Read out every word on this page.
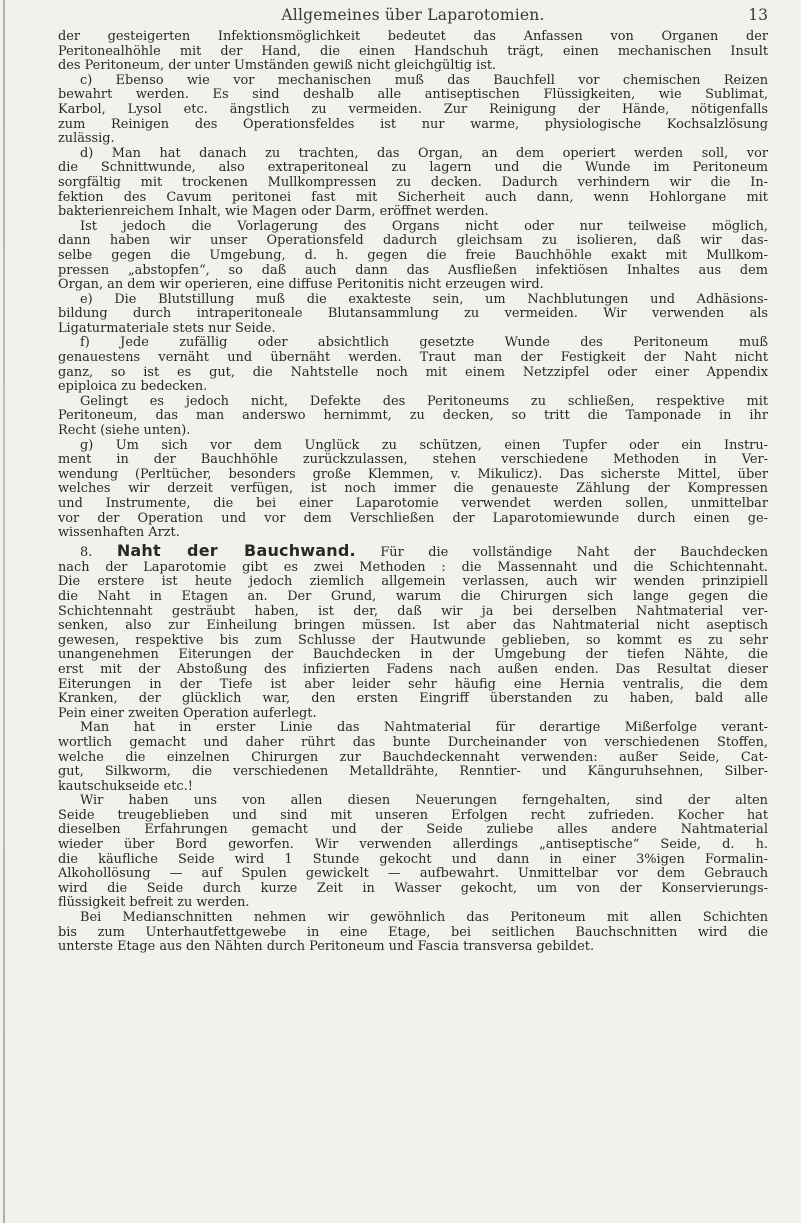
Allgemeines über Laparotomien.	13
der gesteigerten Infektionsmöglichkeit bedeutet das Anfassen von Organen der
Peritonealhöhle mit der Hand, die einen Handschuh trägt, einen mechanischen Insult
des Peritoneum, der unter Umständen gewiß nicht gleichgültig ist.
c) Ebenso wie vor mechanischen muß das Bauchfell vor chemischen Reizen
bewahrt werden. Es sind deshalb alle antiseptischen Flüssigkeiten, wie Sublimat,
Karbol, Lysol etc. ängstlich zu vermeiden. Zur Reinigung der Hände, nötigenfalls
zum Reinigen des Operationsfeldes ist nur warme, physiologische Kochsalzlösung
zulässig.
d) Man hat danach zu trachten, das Organ, an dem operiert werden soll, vor
die Schnittwunde, also extraperitoneal zu lagern und die Wunde im Peritoneum
sorgfältig mit trockenen Mullkompressen zu decken. Dadurch verhindern wir die In-
fektion des Cavum peritonei fast mit Sicherheit auch dann, wenn Hohlorgane mit
bakterienreichem Inhalt, wie Magen oder Darm, eröffnet werden.
Ist jedoch die Vorlagerung des Organs nicht oder nur teilweise möglich,
dann haben wir unser Operationsfeld dadurch gleichsam zu isolieren, daß wir das-
selbe gegen die Umgebung, d. h. gegen die freie Bauchhöhle exakt mit Mullkom-
pressen „abstopfen“, so daß auch dann das Ausfließen infektiösen Inhaltes aus dem
Organ, an dem wir operieren, eine diffuse Peritonitis nicht erzeugen wird.
e) Die Blutstillung muß die exakteste sein, um Nachblutungen und Adhäsions-
bildung durch intraperitoneale Blutansammlung zu vermeiden. Wir verwenden als
Ligaturmateriale stets nur Seide.
f) Jede zufällig oder absichtlich gesetzte Wunde des Peritoneum muß
genauestens vernäht und übernäht werden. Traut man der Festigkeit der Naht nicht
ganz, so ist es gut, die Nahtstelle noch mit einem Netzzipfel oder einer Appendix
epiploica zu bedecken.
Gelingt es jedoch nicht, Defekte des Peritoneums zu schließen, respektive mit
Peritoneum, das man anderswo hernimmt, zu decken, so tritt die Tamponade in ihr
Recht (siehe unten).
g) Um sich vor dem Unglück zu schützen, einen Tupfer oder ein Instru-
ment in der Bauchhöhle zurückzulassen, stehen verschiedene Methoden in Ver-
wendung (Perltücher, besonders große Klemmen, v. Mikulicz). Das sicherste Mittel, über
welches wir derzeit verfügen, ist noch immer die genaueste Zählung der Kompressen
und Instrumente, die bei einer Laparotomie verwendet werden sollen, unmittelbar
vor der Operation und vor dem Verschließen der Laparotomiewunde durch einen ge-
wissenhaften Arzt.
8. Naht der Bauchwand. Für die vollständige Naht der Bauchdecken
nach der Laparotomie gibt es zwei Methoden : die Massennaht und die Schichtennaht.
Die erstere ist heute jedoch ziemlich allgemein verlassen, auch wir wenden prinzipiell
die Naht in Etagen an. Der Grund, warum die Chirurgen sich lange gegen die
Schichtennaht gesträubt haben, ist der, daß wir ja bei derselben Nahtmaterial ver-
senken, also zur Einheilung bringen müssen. Ist aber das Nahtmaterial nicht aseptisch
gewesen, respektive bis zum Schlusse der Hautwunde geblieben, so kommt es zu sehr
unangenehmen Eiterungen der Bauchdecken in der Umgebung der tiefen Nähte, die
erst mit der Abstoßung des infizierten Fadens nach außen enden. Das Resultat dieser
Eiterungen in der Tiefe ist aber leider sehr häufig eine Hernia ventralis, die dem
Kranken, der glücklich war, den ersten Eingriff überstanden zu haben, bald alle
Pein einer zweiten Operation auferlegt.
Man hat in erster Linie das Nahtmaterial für derartige Mißerfolge verant-
wortlich gemacht und daher rührt das bunte Durcheinander von verschiedenen Stoffen,
welche die einzelnen Chirurgen zur Bauchdeckennaht verwenden: außer Seide, Cat-
gut, Silkworm, die verschiedenen Metalldrähte, Renntier- und Känguruhsehnen, Silber-
kautschukseide etc.!
Wir haben uns von allen diesen Neuerungen ferngehalten, sind der alten
Seide treugeblieben und sind mit unseren Erfolgen recht zufrieden. Kocher hat
dieselben Erfahrungen gemacht und der Seide zuliebe alles andere Nahtmaterial
wieder über Bord geworfen. Wir verwenden allerdings „antiseptische“ Seide, d. h.
die käufliche Seide wird 1 Stunde gekocht und dann in einer 3%igen Formalin-
Alkohollösung — auf Spulen gewickelt — aufbewahrt. Unmittelbar vor dem Gebrauch
wird die Seide durch kurze Zeit in Wasser gekocht, um von der Konservierungs-
flüssigkeit befreit zu werden.
Bei Medianschnitten nehmen wir gewöhnlich das Peritoneum mit allen Schichten
bis zum Unterhautfettgewebe in eine Etage, bei seitlichen Bauchschnitten wird die
unterste Etage aus den Nähten durch Peritoneum und Fascia transversa gebildet.
